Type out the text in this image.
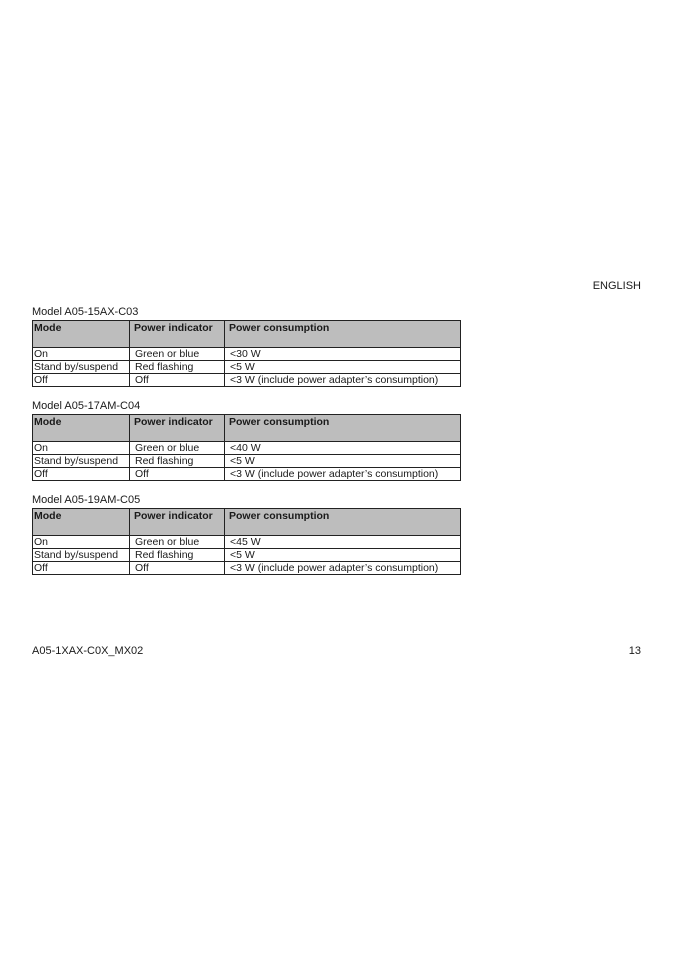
ENGLISH
Model A05-15AX-C03
Mode	Power indicator	Power consumption
On	Green or blue	<30 W
Stand by/suspend	Red flashing	<5 W
Off	Off	<3 W (include power adapter’s consumption)
Model A05-17AM-C04
Mode	Power indicator	Power consumption
On	Green or blue	<40 W
Stand by/suspend	Red flashing	<5 W
Off	Off	<3 W (include power adapter’s consumption)
Model A05-19AM-C05
Mode	Power indicator	Power consumption
On	Green or blue	<45 W
Stand by/suspend	Red flashing	<5 W
Off	Off	<3 W (include power adapter’s consumption)
A05-1XAX-C0X_MX02	13
